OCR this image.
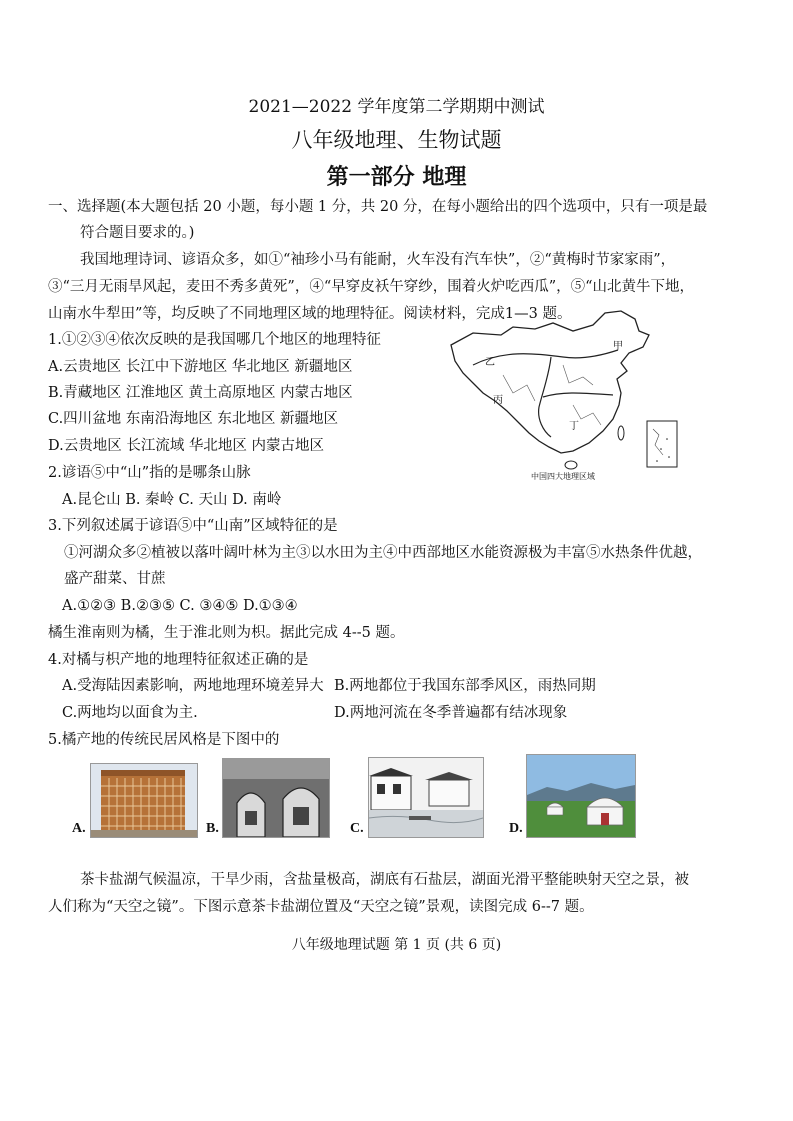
2021—2022 学年度第二学期期中测试
八年级地理、生物试题
第一部分 地理
一、选择题(本大题包括 20 小题，每小题 1 分，共 20 分，在每小题给出的四个选项中，只有一项是最
符合题目要求的。)
我国地理诗词、谚语众多，如①“袖珍小马有能耐，火车没有汽车快”，②“黄梅时节家家雨”，
③“三月无雨旱风起，麦田不秀多黄死”，④“早穿皮袄午穿纱，围着火炉吃西瓜”，⑤“山北黄牛下地，
山南水牛犁田”等，均反映了不同地理区域的地理特征。阅读材料，完成1—3 题。
1.①②③④依次反映的是我国哪几个地区的地理特征
A.云贵地区 长江中下游地区 华北地区 新疆地区
B.青藏地区 江淮地区 黄土高原地区 内蒙古地区
C.四川盆地 东南沿海地区 东北地区 新疆地区
D.云贵地区 长江流域 华北地区 内蒙古地区
2.谚语⑤中“山”指的是哪条山脉
A.昆仑山 B. 秦岭 C. 天山 D. 南岭
甲
乙
丙
丁
中国四大地理区域
3.下列叙述属于谚语⑤中“山南”区域特征的是
①河湖众多②植被以落叶阔叶林为主③以水田为主④中西部地区水能资源极为丰富⑤水热条件优越，
盛产甜菜、甘蔗
A.①②③ B.②③⑤ C. ③④⑤ D.①③④
橘生淮南则为橘，生于淮北则为枳。据此完成 4--5 题。
4.对橘与枳产地的地理特征叙述正确的是
A.受海陆因素影响，两地地理环境差异大 B.两地都位于我国东部季风区，雨热同期
C.两地均以面食为主.	D.两地河流在冬季普遍都有结冰现象
5.橘产地的传统民居风格是下图中的
A.	B.	C.	D.
茶卡盐湖气候温凉，干旱少雨，含盐量极高，湖底有石盐层，湖面光滑平整能映射天空之景，被
人们称为“天空之镜”。下图示意茶卡盐湖位置及“天空之镜”景观，读图完成 6--7 题。
八年级地理试题 第 1 页 (共 6 页)
